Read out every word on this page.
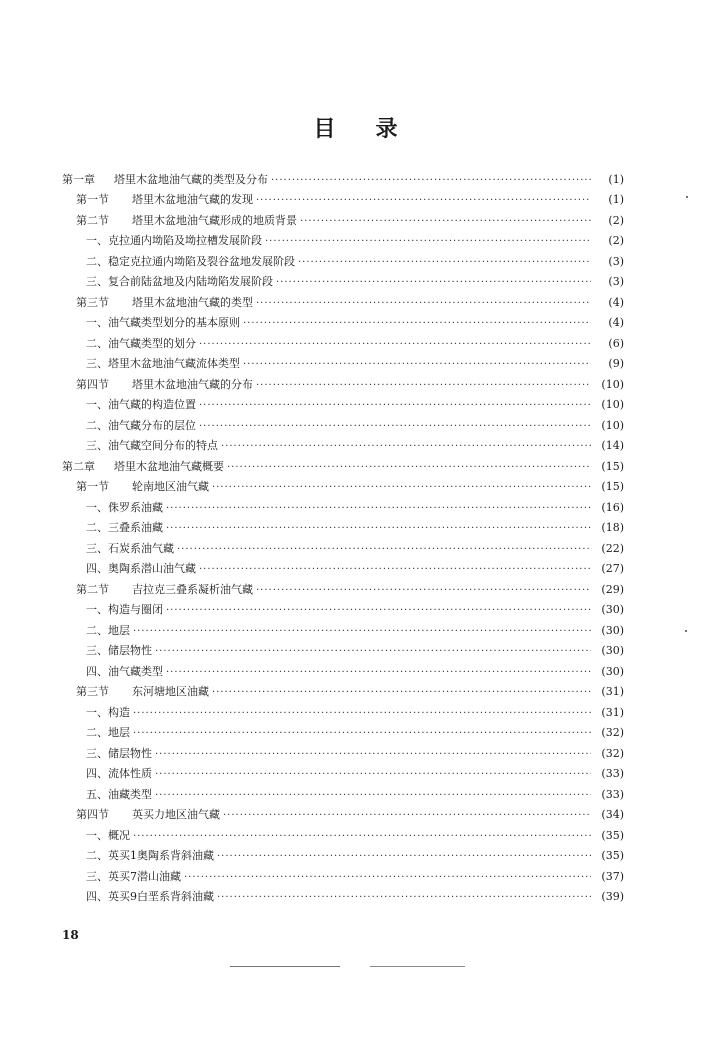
目 录
第一章 塔里木盆地油气藏的类型及分布 ·····	(1)
第一节 塔里木盆地油气藏的发现 ·····	(1)
第二节 塔里木盆地油气藏形成的地质背景 ·····	(2)
一、克拉通内坳陷及坳拉槽发展阶段 ·····	(2)
二、稳定克拉通内坳陷及裂谷盆地发展阶段 ·····	(3)
三、复合前陆盆地及内陆坳陷发展阶段 ·····	(3)
第三节 塔里木盆地油气藏的类型 ·····	(4)
一、油气藏类型划分的基本原则 ·····	(4)
二、油气藏类型的划分 ·····	(6)
三、塔里木盆地油气藏流体类型 ·····	(9)
第四节 塔里木盆地油气藏的分布 ·····	(10)
一、油气藏的构造位置 ·····	(10)
二、油气藏分布的层位 ·····	(10)
三、油气藏空间分布的特点 ·····	(14)
第二章 塔里木盆地油气藏概要 ·····	(15)
第一节 轮南地区油气藏 ·····	(15)
一、侏罗系油藏 ·····	(16)
二、三叠系油藏 ·····	(18)
三、石炭系油气藏 ·····	(22)
四、奥陶系潜山油气藏 ·····	(27)
第二节 吉拉克三叠系凝析油气藏 ·····	(29)
一、构造与圈闭 ·····	(30)
二、地层 ·····	(30)
三、储层物性 ·····	(30)
四、油气藏类型 ·····	(30)
第三节 东河塘地区油藏 ·····	(31)
一、构造 ·····	(31)
二、地层 ·····	(32)
三、储层物性 ·····	(32)
四、流体性质 ·····	(33)
五、油藏类型 ·····	(33)
第四节 英买力地区油气藏 ·····	(34)
一、概况 ·····	(35)
二、英买1奥陶系背斜油藏 ·····	(35)
三、英买7潜山油藏 ·····	(37)
四、英买9白垩系背斜油藏 ·····	(39)
18
